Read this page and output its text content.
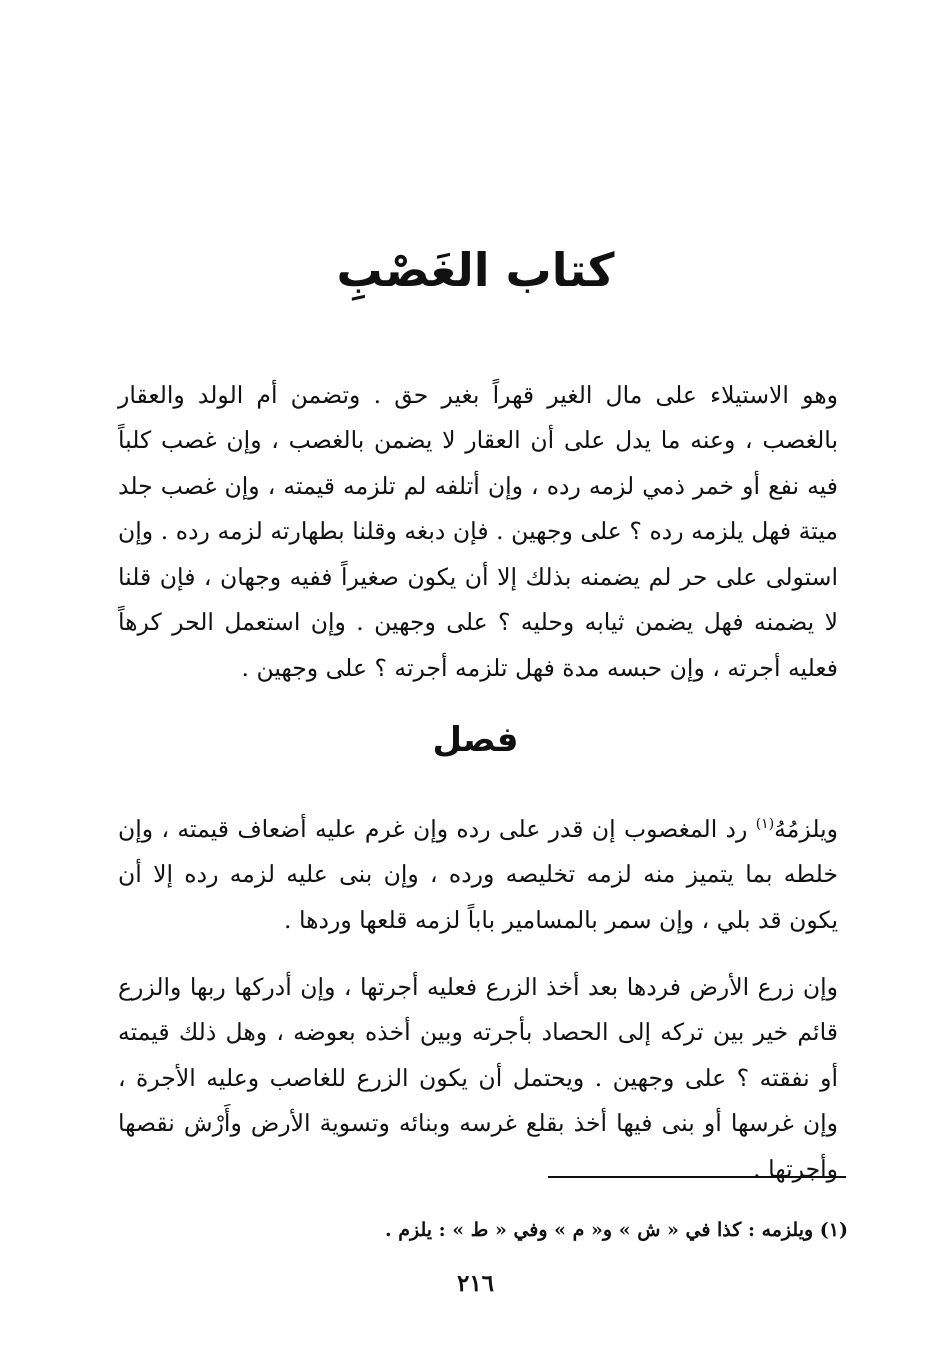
كتاب الغَصْبِ

وهو الاستيلاء على مال الغير قهراً بغير حق . وتضمن أم الولد والعقار بالغصب ، وعنه ما يدل على أن العقار لا يضمن بالغصب ، وإن غصب كلباً فيه نفع أو خمر ذمي لزمه رده ، وإن أتلفه لم تلزمه قيمته ، وإن غصب جلد ميتة فهل يلزمه رده ؟ على وجهين . فإن دبغه وقلنا بطهارته لزمه رده . وإن استولى على حر لم يضمنه بذلك إلا أن يكون صغيراً ففيه وجهان ، فإن قلنا لا يضمنه فهل يضمن ثيابه وحليه ؟ على وجهين . وإن استعمل الحر كرهاً فعليه أجرته ، وإن حبسه مدة فهل تلزمه أجرته ؟ على وجهين .

فصل

ويلزمُهُ$^{(١)}$ رد المغصوب إن قدر على رده وإن غرم عليه أضعاف قيمته ، وإن خلطه بما يتميز منه لزمه تخليصه ورده ، وإن بنى عليه لزمه رده إلا أن يكون قد بلي ، وإن سمر بالمسامير باباً لزمه قلعها وردها .

وإن زرع الأرض فردها بعد أخذ الزرع فعليه أجرتها ، وإن أدركها ربها والزرع قائم خير بين تركه إلى الحصاد بأجرته وبين أخذه بعوضه ، وهل ذلك قيمته أو نفقته ؟ على وجهين . ويحتمل أن يكون الزرع للغاصب وعليه الأجرة ، وإن غرسها أو بنى فيها أخذ بقلع غرسه وبنائه وتسوية الأرض وأَرْش نقصها وأجرتها .

(١) ويلزمه : كذا في « ش » و« م » وفي « ط » : يلزم .
٢١٦
